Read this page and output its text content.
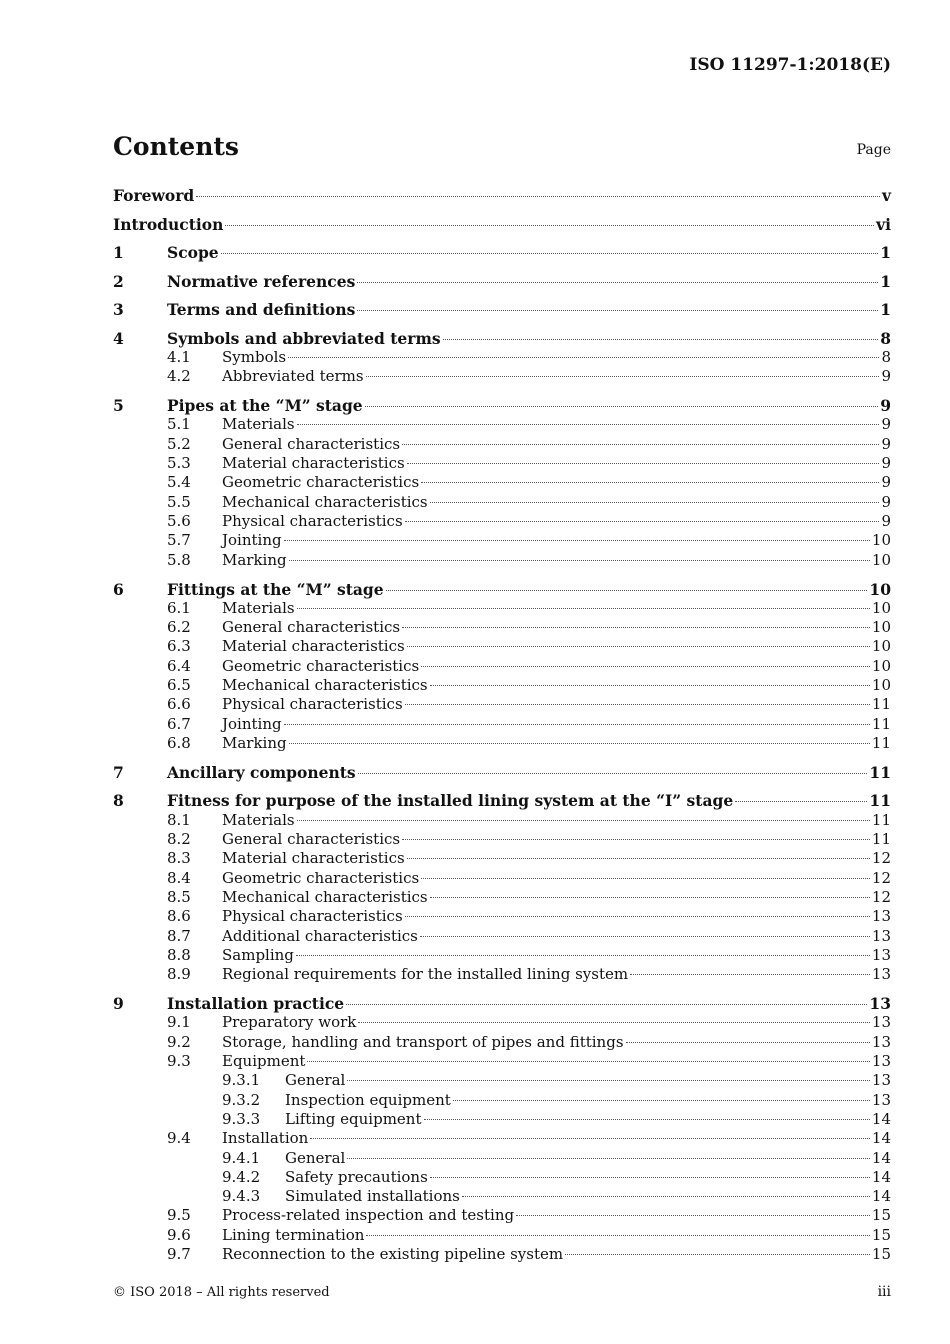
ISO 11297-1:2018(E)
Contents	Page
Foreword	v
Introduction	vi
1	Scope	1
2	Normative references	1
3	Terms and definitions	1
4	Symbols and abbreviated terms	8
4.1 Symbols	8
4.2 Abbreviated terms	9
5	Pipes at the “M” stage	9
5.1 Materials	9
5.2 General characteristics	9
5.3 Material characteristics	9
5.4 Geometric characteristics	9
5.5 Mechanical characteristics	9
5.6 Physical characteristics	9
5.7 Jointing	10
5.8 Marking	10
6	Fittings at the “M” stage	10
6.1 Materials	10
6.2 General characteristics	10
6.3 Material characteristics	10
6.4 Geometric characteristics	10
6.5 Mechanical characteristics	10
6.6 Physical characteristics	11
6.7 Jointing	11
6.8 Marking	11
7	Ancillary components	11
8	Fitness for purpose of the installed lining system at the “I” stage	11
8.1 Materials	11
8.2 General characteristics	11
8.3 Material characteristics	12
8.4 Geometric characteristics	12
8.5 Mechanical characteristics	12
8.6 Physical characteristics	13
8.7 Additional characteristics	13
8.8 Sampling	13
8.9 Regional requirements for the installed lining system	13
9	Installation practice	13
9.1 Preparatory work	13
9.2 Storage, handling and transport of pipes and fittings	13
9.3 Equipment	13
9.3.1 General	13
9.3.2 Inspection equipment	13
9.3.3 Lifting equipment	14
9.4 Installation	14
9.4.1 General	14
9.4.2 Safety precautions	14
9.4.3 Simulated installations	14
9.5 Process-related inspection and testing	15
9.6 Lining termination	15
9.7 Reconnection to the existing pipeline system	15
© ISO 2018 – All rights reserved	iii
